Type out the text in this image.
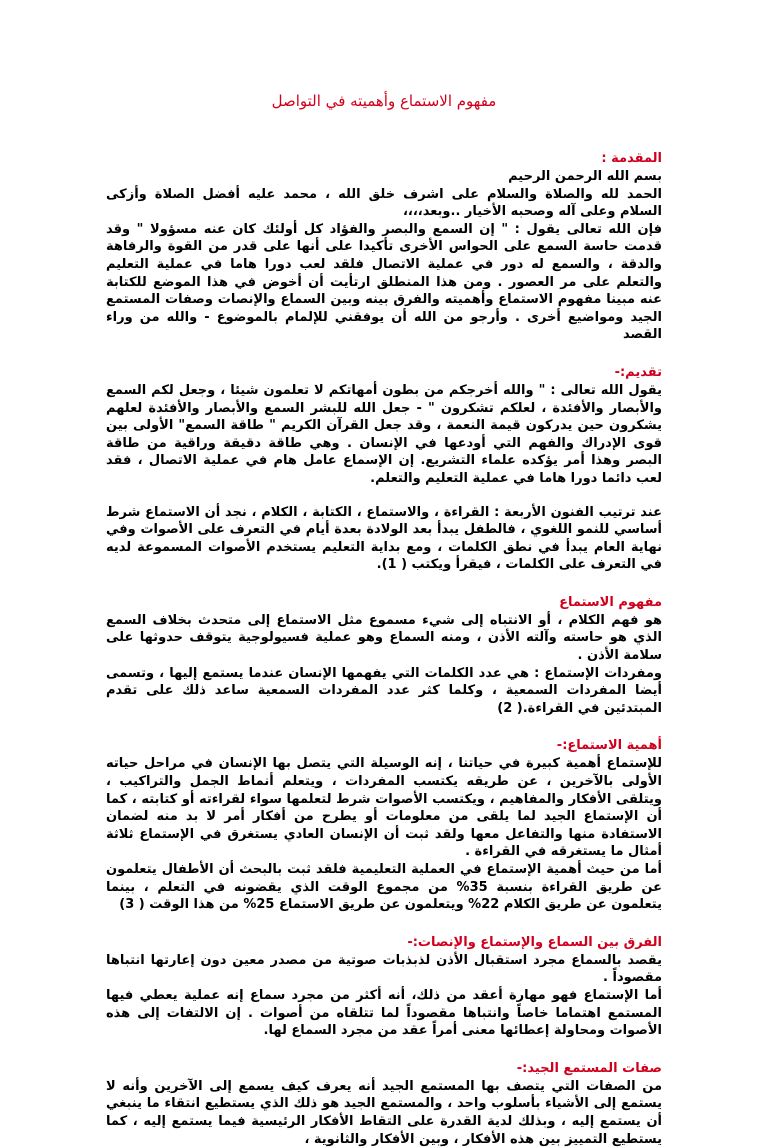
مفهوم الاستماع وأهميته في التواصل
المقدمة :

بسم الله الرحمن الرحيم

الحمد لله والصلاة والسلام على اشرف خلق الله ، محمد عليه أفضل الصلاة وأزكى السلام وعلى آله وصحبه الأخيار ..وبعد،،،،

فإن الله تعالى يقول : " إن السمع والبصر والفؤاد كل أولئك كان عنه مسؤولا " وقد قدمت حاسة السمع على الحواس الأخرى تأكيدا على أنها على قدر من القوة والرفاهة والدقة ، والسمع له دور في عملية الاتصال فلقد لعب دورا هاما في عملية التعليم والتعلم على مر العصور . ومن هذا المنطلق ارتأيت أن أخوض في هذا الموضع للكتابة عنه مبينا مفهوم الاستماع وأهميته والفرق بينه وبين السماع والإنصات وصفات المستمع الجيد ومواضيع أخرى . وأرجو من الله أن يوفقني للإلمام بالموضوع - والله من وراء القصد

تقديم:-

يقول الله تعالى : " والله أخرجكم من بطون أمهاتكم لا تعلمون شيئا ، وجعل لكم السمع والأبصار والأفئدة ، لعلكم تشكرون " - جعل الله للبشر السمع والأبصار والأفئدة لعلهم يشكرون حين يدركون قيمة النعمة ، وقد جعل القرآن الكريم " طاقة السمع" الأولى بين قوى الإدراك والفهم التي أودعها في الإنسان . وهي طاقة دقيقة وراقية من طاقة البصر وهذا أمر يؤكده علماء التشريع. إن الإسماع عامل هام في عملية الاتصال ، فقد لعب دائما دورا هاما في عملية التعليم والتعلم.

عند ترتيب الفنون الأربعة : القراءة ، والاستماع ، الكتابة ، الكلام ، نجد أن الاستماع شرط أساسي للنمو اللغوي ، فالطفل يبدأ بعد الولادة بعدة أيام في التعرف على الأصوات وفي نهاية العام يبدأ في نطق الكلمات ، ومع بداية التعليم يستخدم الأصوات المسموعة لديه في التعرف على الكلمات ، فيقرأ ويكتب ( 1).

مفهوم الاستماع

هو فهم الكلام ، أو الانتباه إلى شيء مسموع مثل الاستماع إلى متحدث بخلاف السمع الذي هو حاسته وآلته الأذن ، ومنه السماع وهو عملية فسيولوجية يتوقف حدوثها على سلامة الأذن .

ومفردات الإستماع : هي عدد الكلمات التي يفهمها الإنسان عندما يستمع إليها ، وتسمى أيضا المفردات السمعية ، وكلما كثر عدد المفردات السمعية ساعد ذلك على تقدم المبتدئين في القراءة.( 2)

أهمية الاستماع:-

للإستماع أهمية كبيرة في حياتنا ، إنه الوسيلة التي يتصل بها الإنسان في مراحل حياته الأولى بالآخرين ، عن طريقه يكتسب المفردات ، ويتعلم أنماط الجمل والتراكيب ، ويتلقى الأفكار والمفاهيم ، ويكتسب الأصوات شرط لتعلمها سواء لقراءته أو كتابته ، كما أن الإستماع الجيد لما يلقى من معلومات أو يطرح من أفكار أمر لا بد منه لضمان الاستفادة منها والتفاعل معها ولقد ثبت أن الإنسان العادي يستغرق في الإستماع ثلاثة أمثال ما يستغرقه في القراءة .

أما من حيث أهمية الإستماع في العملية التعليمية فلقد ثبت بالبحث أن الأطفال يتعلمون عن طريق القراءة بنسبة 35% من مجموع الوقت الذي يقضونه في التعلم ، بينما يتعلمون عن طريق الكلام 22% ويتعلمون عن طريق الاستماع 25% من هذا الوقت ( 3)

الفرق بين السماع والإستماع والإنصات:-

يقصد بالسماع مجرد استقبال الأذن لذبذبات صوتية من مصدر معين دون إعارتها انتباها مقصوداً .

أما الإستماع فهو مهارة أعقد من ذلك، أنه أكثر من مجرد سماع إنه عملية يعطي فيها المستمع اهتماما خاصاً وانتباها مقصوداً لما تتلقاه من أصوات . إن الالتفات إلى هذه الأصوات ومحاولة إعطائها معنى أمراً عقد من مجرد السماع لها.

صفات المستمع الجيد:-

من الصفات التي يتصف بها المستمع الجيد أنه يعرف كيف يسمع إلى الآخرين وأنه لا يستمع إلى الأشياء بأسلوب واحد ، والمستمع الجيد هو ذلك الذي يستطيع انتقاء ما ينبغي أن يستمع إليه ، وبذلك لدية القدرة على التقاط الأفكار الرئيسية فيما يستمع إليه ، كما يستطيع التمييز بين هذه الأفكار ، وبين الأفكار والثانوية ،
